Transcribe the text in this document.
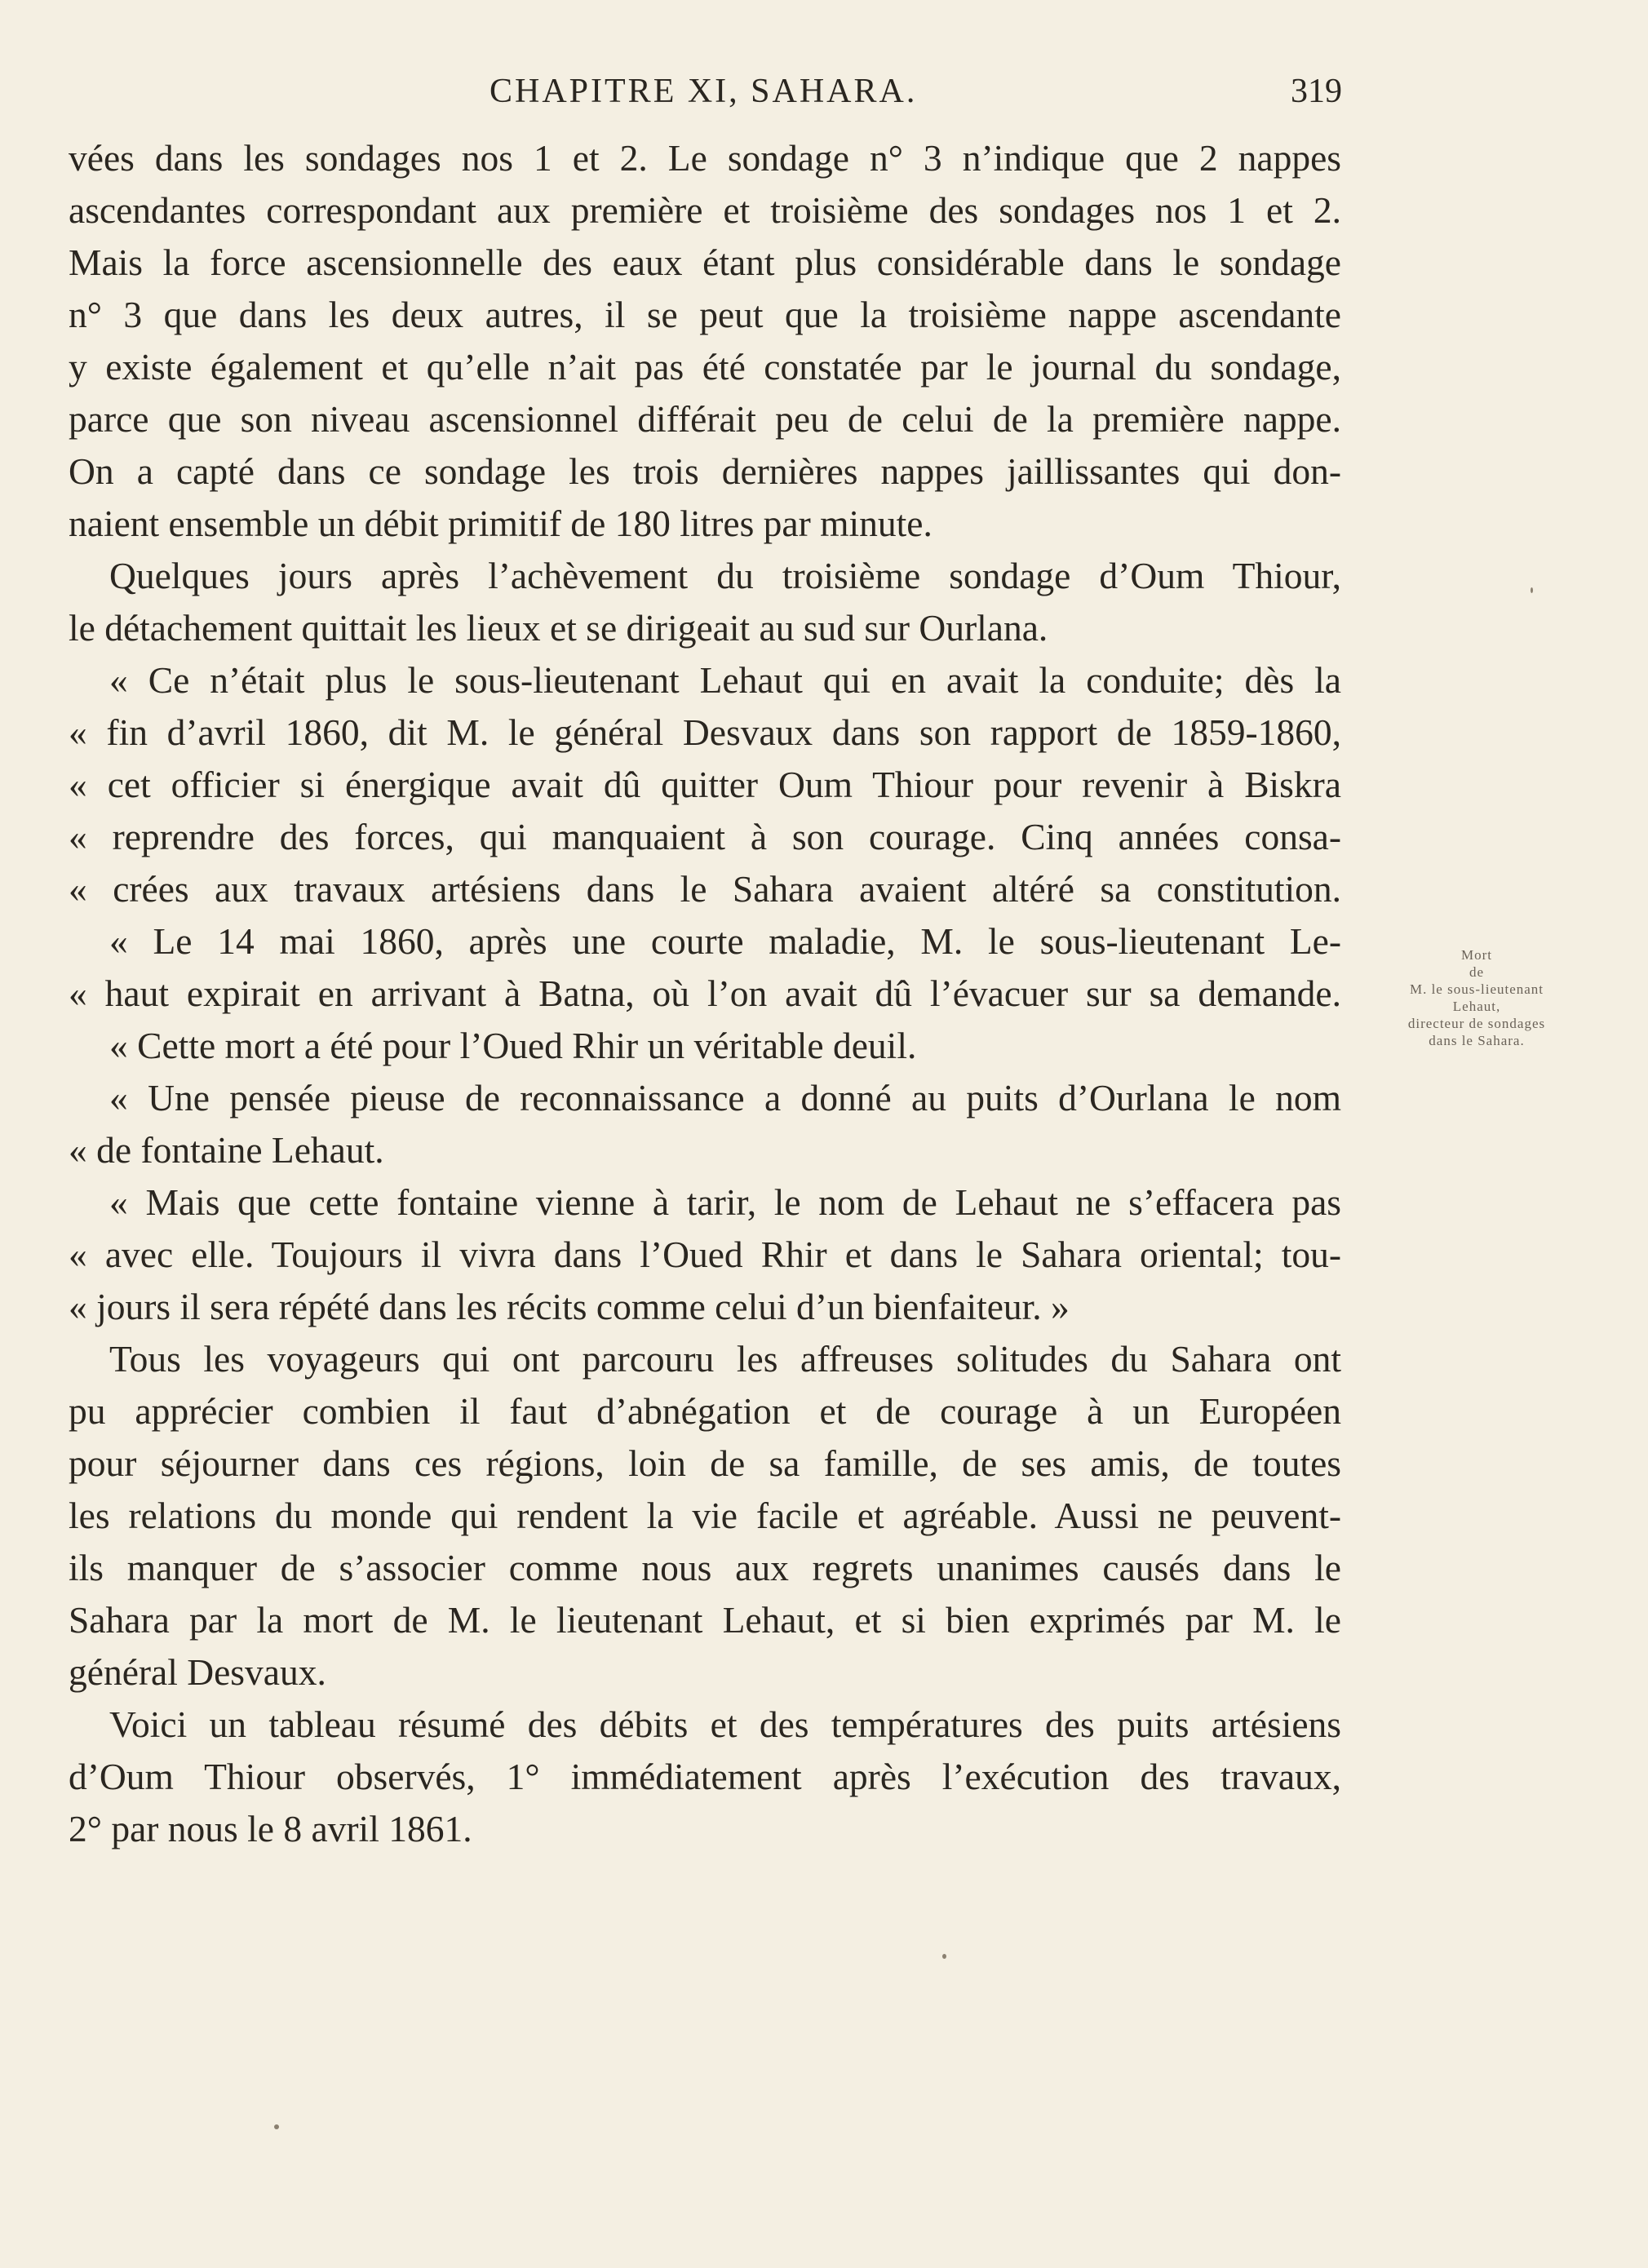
CHAPITRE XI, SAHARA.	319
vées dans les sondages nos 1 et 2. Le sondage n° 3 n’indique que 2 nappes
ascendantes correspondant aux première et troisième des sondages nos 1 et 2.
Mais la force ascensionnelle des eaux étant plus considérable dans le sondage
n° 3 que dans les deux autres, il se peut que la troisième nappe ascendante
y existe également et qu’elle n’ait pas été constatée par le journal du sondage,
parce que son niveau ascensionnel différait peu de celui de la première nappe.
On a capté dans ce sondage les trois dernières nappes jaillissantes qui don-
naient ensemble un débit primitif de 180 litres par minute.
Quelques jours après l’achèvement du troisième sondage d’Oum Thiour,
le détachement quittait les lieux et se dirigeait au sud sur Ourlana.
« Ce n’était plus le sous-lieutenant Lehaut qui en avait la conduite; dès la
« fin d’avril 1860, dit M. le général Desvaux dans son rapport de 1859-1860,
« cet officier si énergique avait dû quitter Oum Thiour pour revenir à Biskra
« reprendre des forces, qui manquaient à son courage. Cinq années consa-
« crées aux travaux artésiens dans le Sahara avaient altéré sa constitution.
« Le 14 mai 1860, après une courte maladie, M. le sous-lieutenant Le-
« haut expirait en arrivant à Batna, où l’on avait dû l’évacuer sur sa demande.
« Cette mort a été pour l’Oued Rhir un véritable deuil.
« Une pensée pieuse de reconnaissance a donné au puits d’Ourlana le nom
« de fontaine Lehaut.
« Mais que cette fontaine vienne à tarir, le nom de Lehaut ne s’effacera pas
« avec elle. Toujours il vivra dans l’Oued Rhir et dans le Sahara oriental; tou-
« jours il sera répété dans les récits comme celui d’un bienfaiteur. »
Tous les voyageurs qui ont parcouru les affreuses solitudes du Sahara ont
pu apprécier combien il faut d’abnégation et de courage à un Européen
pour séjourner dans ces régions, loin de sa famille, de ses amis, de toutes
les relations du monde qui rendent la vie facile et agréable. Aussi ne peuvent-
ils manquer de s’associer comme nous aux regrets unanimes causés dans le
Sahara par la mort de M. le lieutenant Lehaut, et si bien exprimés par M. le
général Desvaux.
Voici un tableau résumé des débits et des températures des puits artésiens
d’Oum Thiour observés, 1° immédiatement après l’exécution des travaux,
2° par nous le 8 avril 1861.
Mort
de
M. le sous-lieutenant
Lehaut,
directeur de sondages
dans le Sahara.
